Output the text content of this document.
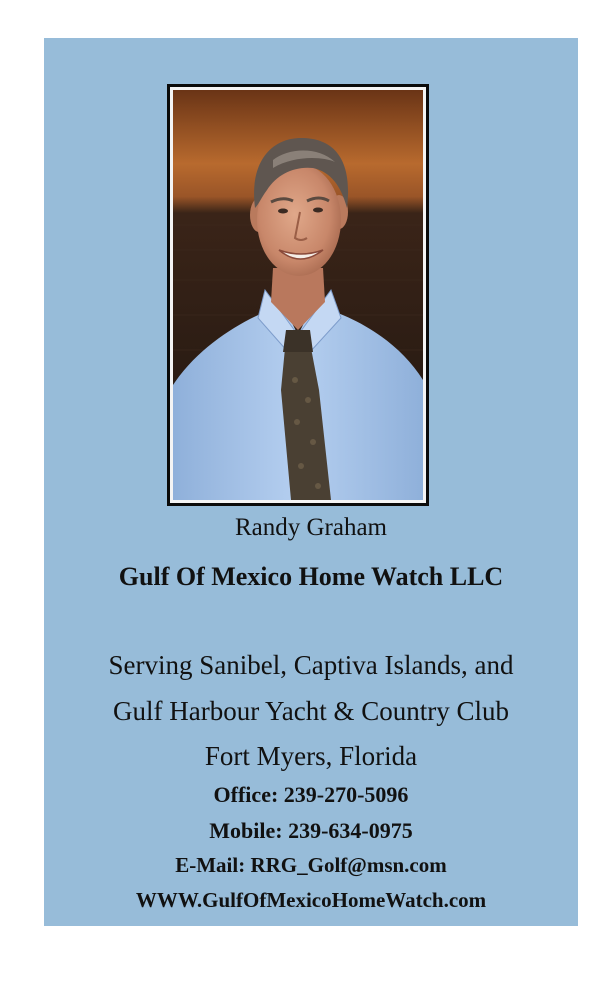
Randy Graham

Gulf Of Mexico Home Watch LLC

Serving Sanibel, Captiva Islands, and

Gulf Harbour Yacht & Country Club

Fort Myers, Florida

Office: 239-270-5096

Mobile: 239-634-0975

E-Mail: RRG_Golf@msn.com

WWW.GulfOfMexicoHomeWatch.com
